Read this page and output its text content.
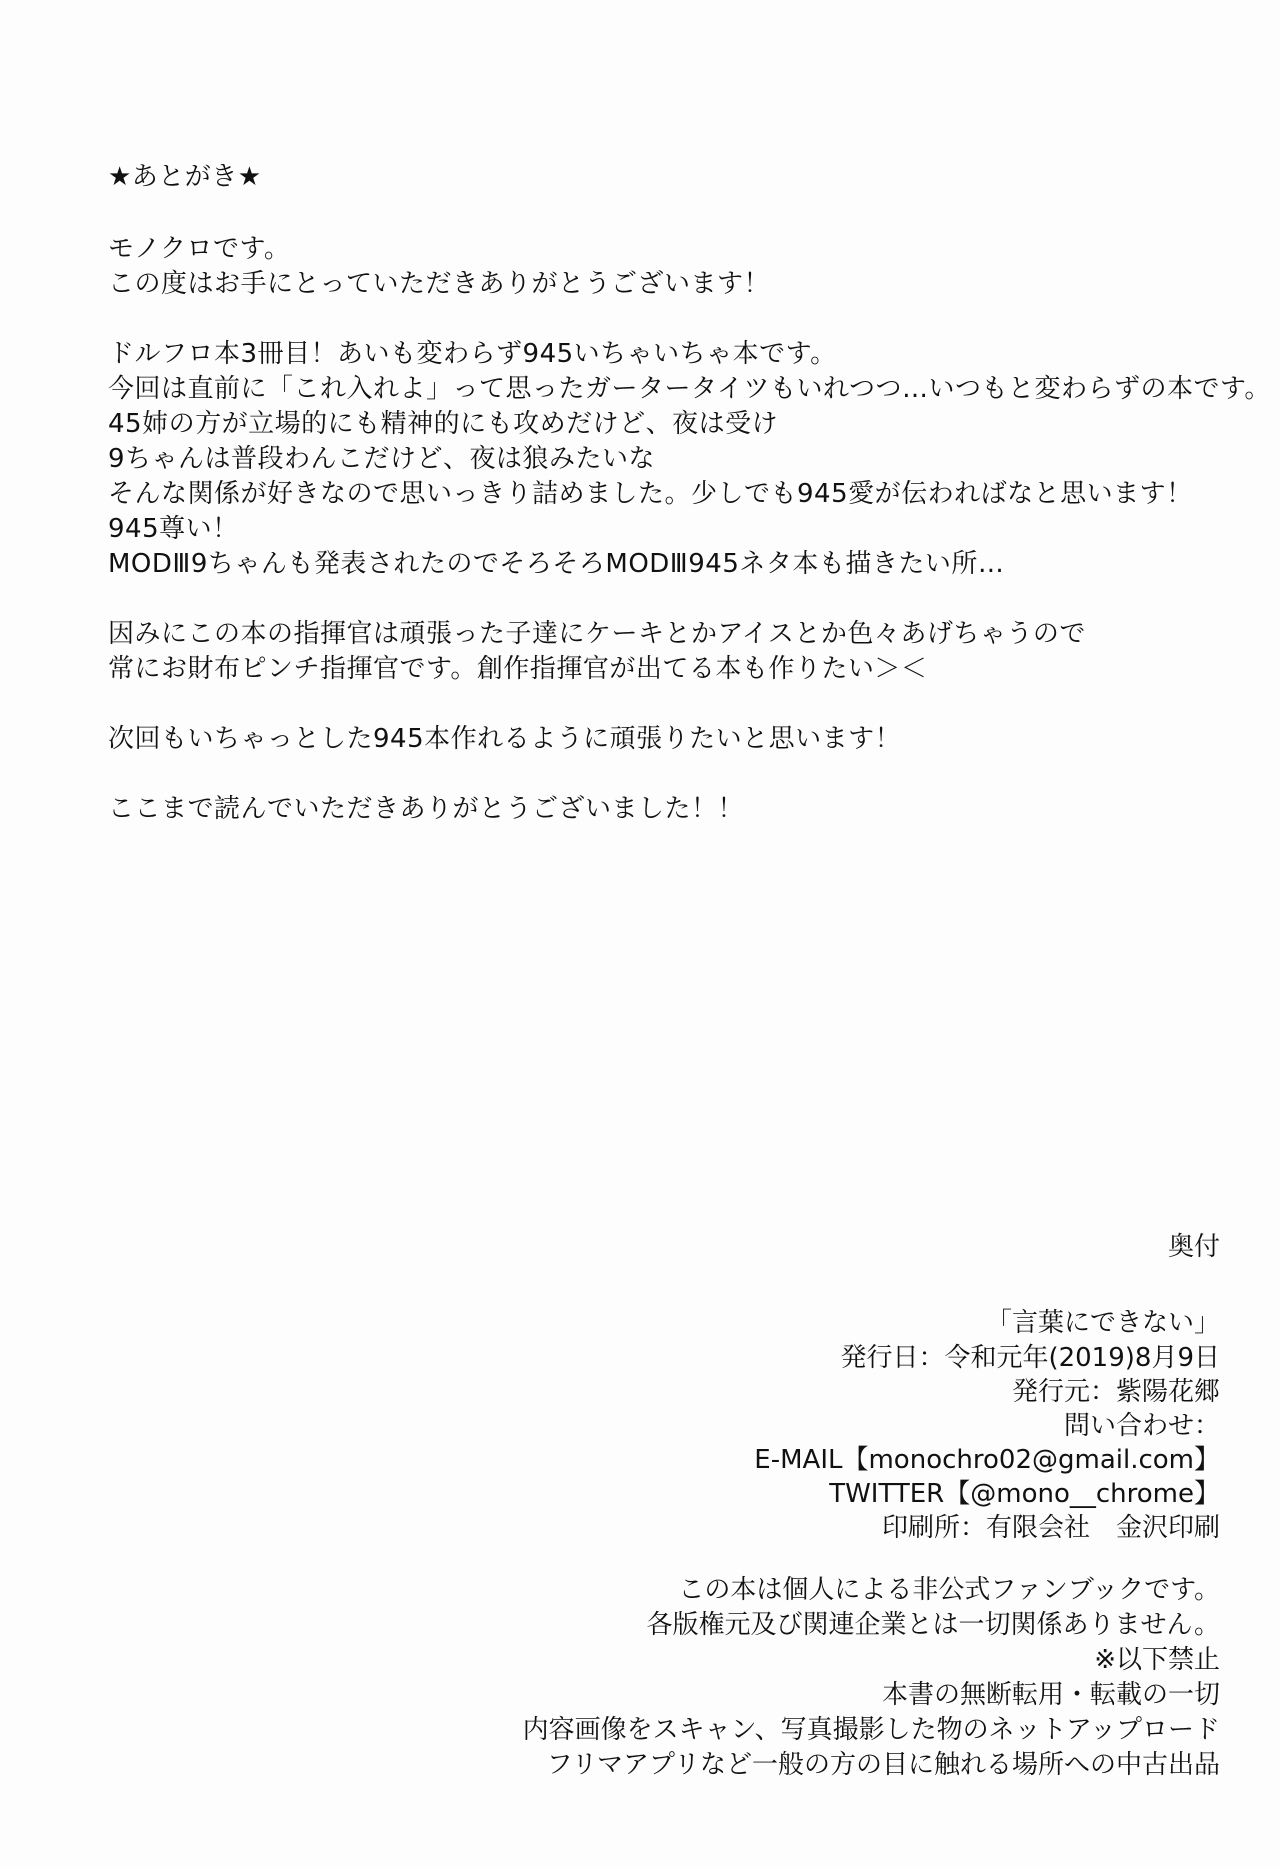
★あとがき★
モノクロです。
この度はお手にとっていただきありがとうございます！
ドルフロ本3冊目！あいも変わらず945いちゃいちゃ本です。
今回は直前に「これ入れよ」って思ったガータータイツもいれつつ…いつもと変わらずの本です。
45姉の方が立場的にも精神的にも攻めだけど、夜は受け
9ちゃんは普段わんこだけど、夜は狼みたいな
そんな関係が好きなので思いっきり詰めました。少しでも945愛が伝わればなと思います！
945尊い！
MODⅢ9ちゃんも発表されたのでそろそろMODⅢ945ネタ本も描きたい所…
因みにこの本の指揮官は頑張った子達にケーキとかアイスとか色々あげちゃうので
常にお財布ピンチ指揮官です。創作指揮官が出てる本も作りたい＞＜
次回もいちゃっとした945本作れるように頑張りたいと思います！
ここまで読んでいただきありがとうございました！！
奥付
「言葉にできない」
発行日：令和元年(2019)8月9日
発行元：紫陽花郷
問い合わせ：
E-MAIL【monochro02@gmail.com】
TWITTER【@mono__chrome】
印刷所：有限会社　金沢印刷
この本は個人による非公式ファンブックです。
各版権元及び関連企業とは一切関係ありません。
※以下禁止
本書の無断転用・転載の一切
内容画像をスキャン、写真撮影した物のネットアップロード
フリマアプリなど一般の方の目に触れる場所への中古出品
